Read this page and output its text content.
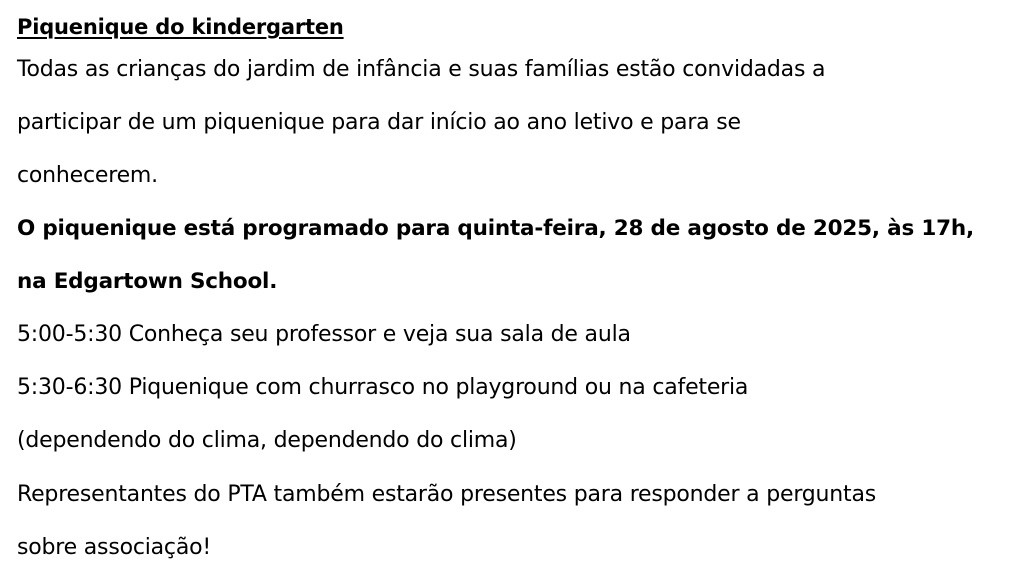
Piquenique do kindergarten
Todas as crianças do jardim de infância e suas famílias estão convidadas a
participar de um piquenique para dar início ao ano letivo e para se
conhecerem.
O piquenique está programado para quinta-feira, 28 de agosto de 2025, às 17h,
na Edgartown School.
5:00-5:30 Conheça seu professor e veja sua sala de aula
5:30-6:30 Piquenique com churrasco no playground ou na cafeteria
(dependendo do clima, dependendo do clima)
Representantes do PTA também estarão presentes para responder a perguntas
sobre associação!
